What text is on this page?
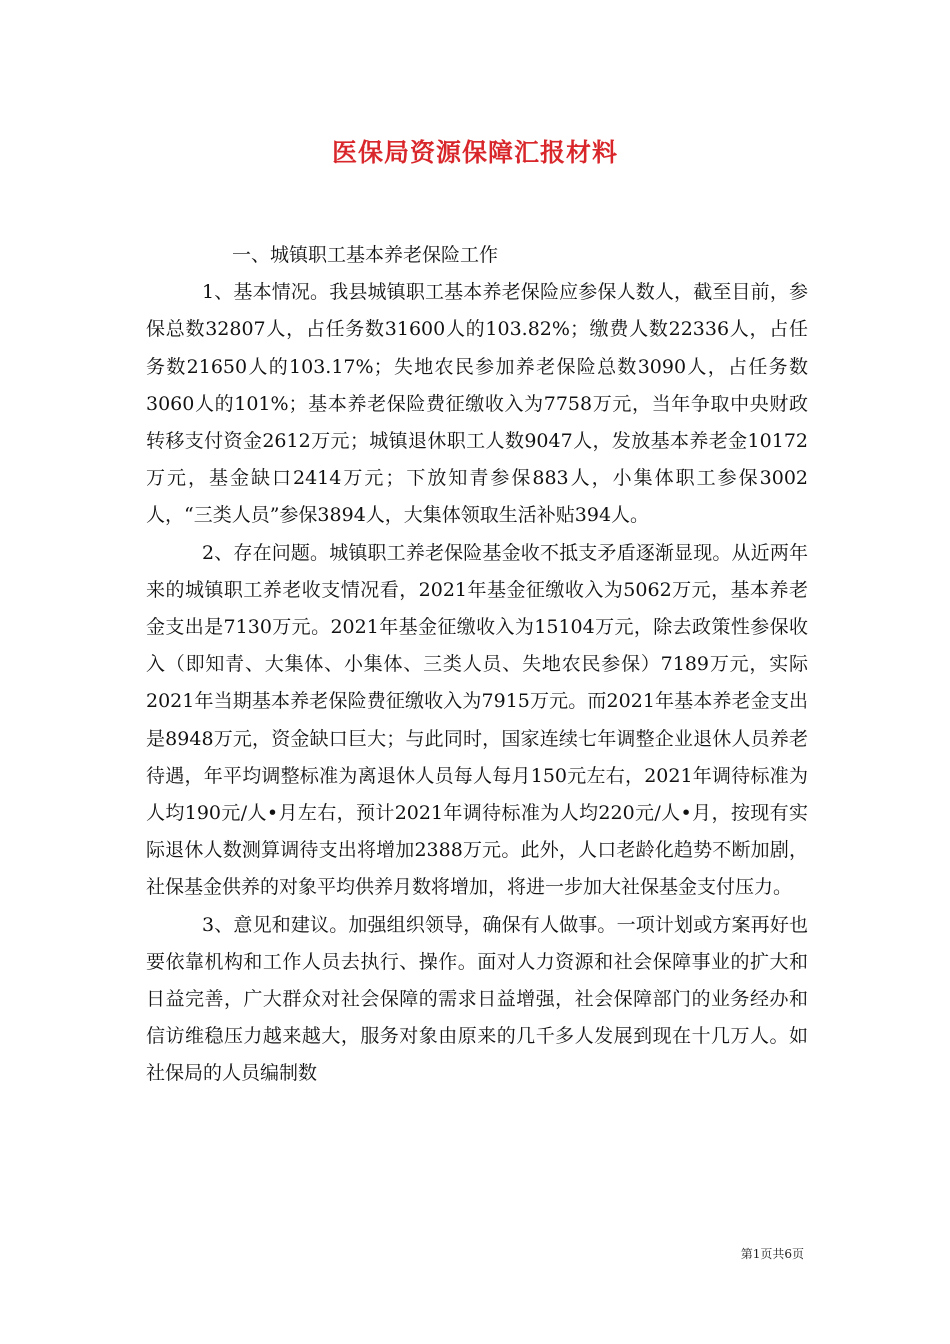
医保局资源保障汇报材料

一、城镇职工基本养老保险工作

1、基本情况。我县城镇职工基本养老保险应参保人数人，截至目前，参保总数32807人，占任务数31600人的103.82%；缴费人数22336人，占任务数21650人的103.17%；失地农民参加养老保险总数3090人，占任务数3060人的101%；基本养老保险费征缴收入为7758万元，当年争取中央财政转移支付资金2612万元；城镇退休职工人数9047人，发放基本养老金10172万元，基金缺口2414万元；下放知青参保883人，小集体职工参保3002人，“三类人员”参保3894人，大集体领取生活补贴394人。

2、存在问题。城镇职工养老保险基金收不抵支矛盾逐渐显现。从近两年来的城镇职工养老收支情况看，2021年基金征缴收入为5062万元，基本养老金支出是7130万元。2021年基金征缴收入为15104万元，除去政策性参保收入（即知青、大集体、小集体、三类人员、失地农民参保）7189万元，实际2021年当期基本养老保险费征缴收入为7915万元。而2021年基本养老金支出是8948万元，资金缺口巨大；与此同时，国家连续七年调整企业退休人员养老待遇，年平均调整标准为离退休人员每人每月150元左右，2021年调待标准为人均190元/人•月左右，预计2021年调待标准为人均220元/人•月，按现有实际退休人数测算调待支出将增加2388万元。此外，人口老龄化趋势不断加剧，社保基金供养的对象平均供养月数将增加，将进一步加大社保基金支付压力。

3、意见和建议。加强组织领导，确保有人做事。一项计划或方案再好也要依靠机构和工作人员去执行、操作。面对人力资源和社会保障事业的扩大和日益完善，广大群众对社会保障的需求日益增强，社会保障部门的业务经办和信访维稳压力越来越大，服务对象由原来的几千多人发展到现在十几万人。如社保局的人员编制数

第1页共6页
